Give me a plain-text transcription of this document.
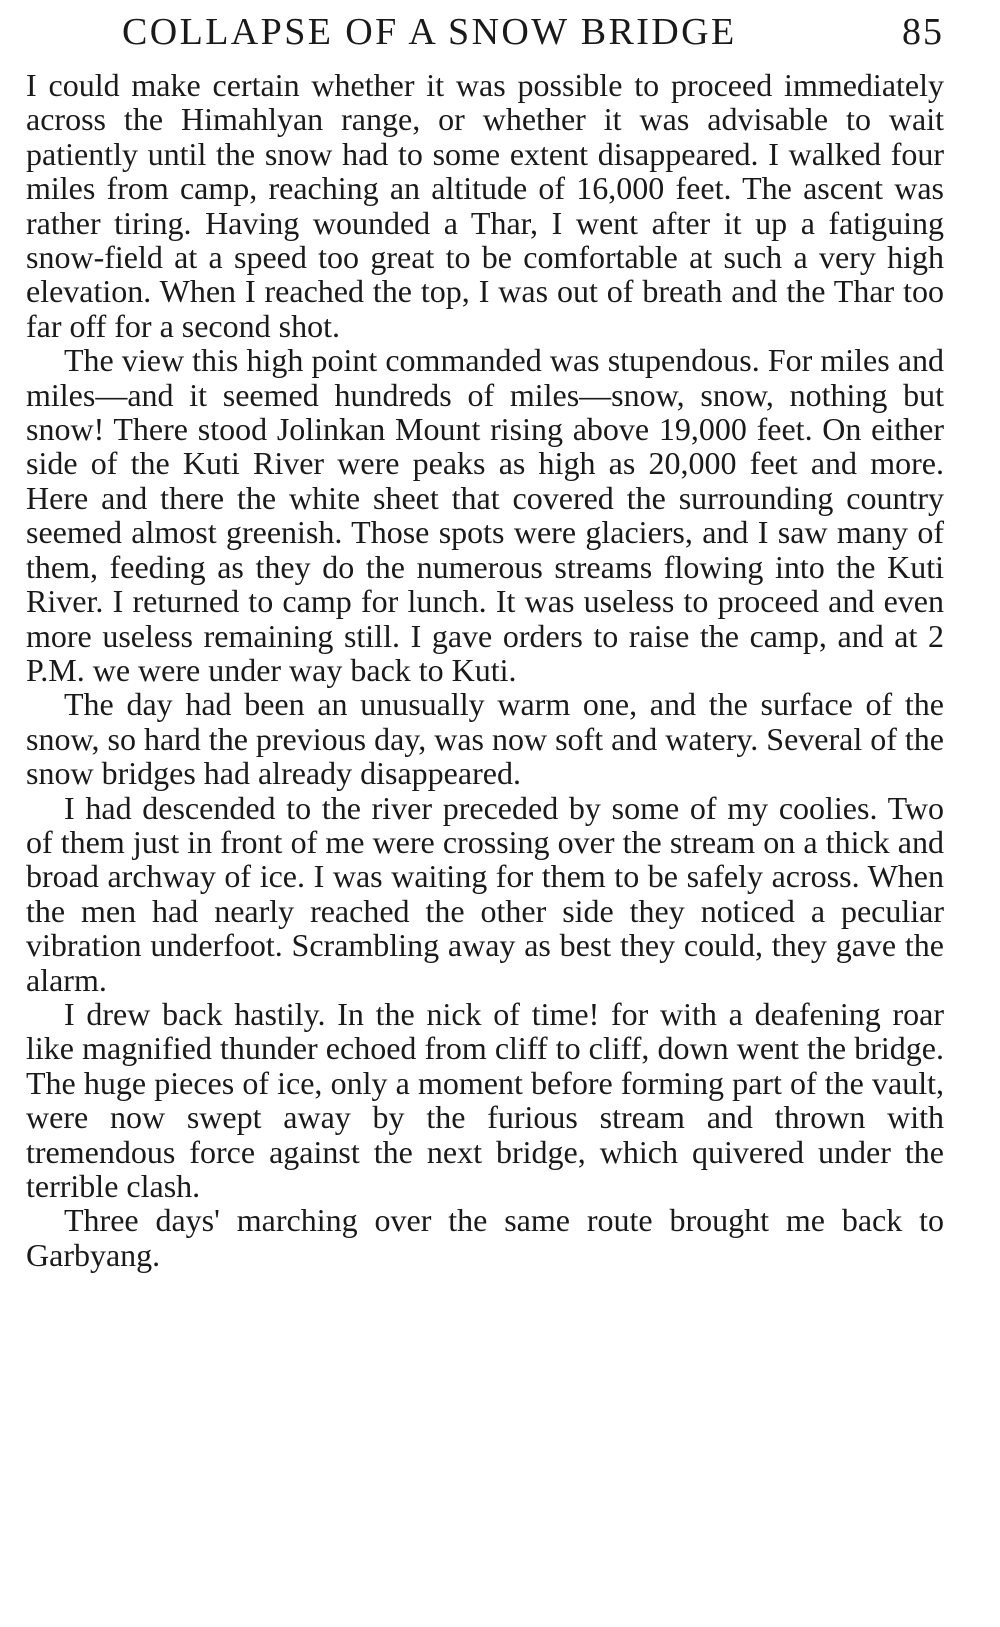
COLLAPSE OF A SNOW BRIDGE	85

I could make certain whether it was possible to proceed immediately across the Himahlyan range, or whether it was advisable to wait patiently until the snow had to some extent disappeared. I walked four miles from camp, reaching an altitude of 16,000 feet. The ascent was rather tiring. Having wounded a Thar, I went after it up a fatiguing snow-field at a speed too great to be comfortable at such a very high elevation. When I reached the top, I was out of breath and the Thar too far off for a second shot.

The view this high point commanded was stupendous. For miles and miles—and it seemed hundreds of miles—snow, snow, nothing but snow! There stood Jolinkan Mount rising above 19,000 feet. On either side of the Kuti River were peaks as high as 20,000 feet and more. Here and there the white sheet that covered the surrounding country seemed almost greenish. Those spots were glaciers, and I saw many of them, feeding as they do the numerous streams flowing into the Kuti River. I returned to camp for lunch. It was useless to proceed and even more useless remaining still. I gave orders to raise the camp, and at 2 P.M. we were under way back to Kuti.

The day had been an unusually warm one, and the surface of the snow, so hard the previous day, was now soft and watery. Several of the snow bridges had already disappeared.

I had descended to the river preceded by some of my coolies. Two of them just in front of me were crossing over the stream on a thick and broad archway of ice. I was waiting for them to be safely across. When the men had nearly reached the other side they noticed a peculiar vibration underfoot. Scrambling away as best they could, they gave the alarm.

I drew back hastily. In the nick of time! for with a deafening roar like magnified thunder echoed from cliff to cliff, down went the bridge. The huge pieces of ice, only a moment before forming part of the vault, were now swept away by the furious stream and thrown with tremendous force against the next bridge, which quivered under the terrible clash.

Three days' marching over the same route brought me back to Garbyang.
